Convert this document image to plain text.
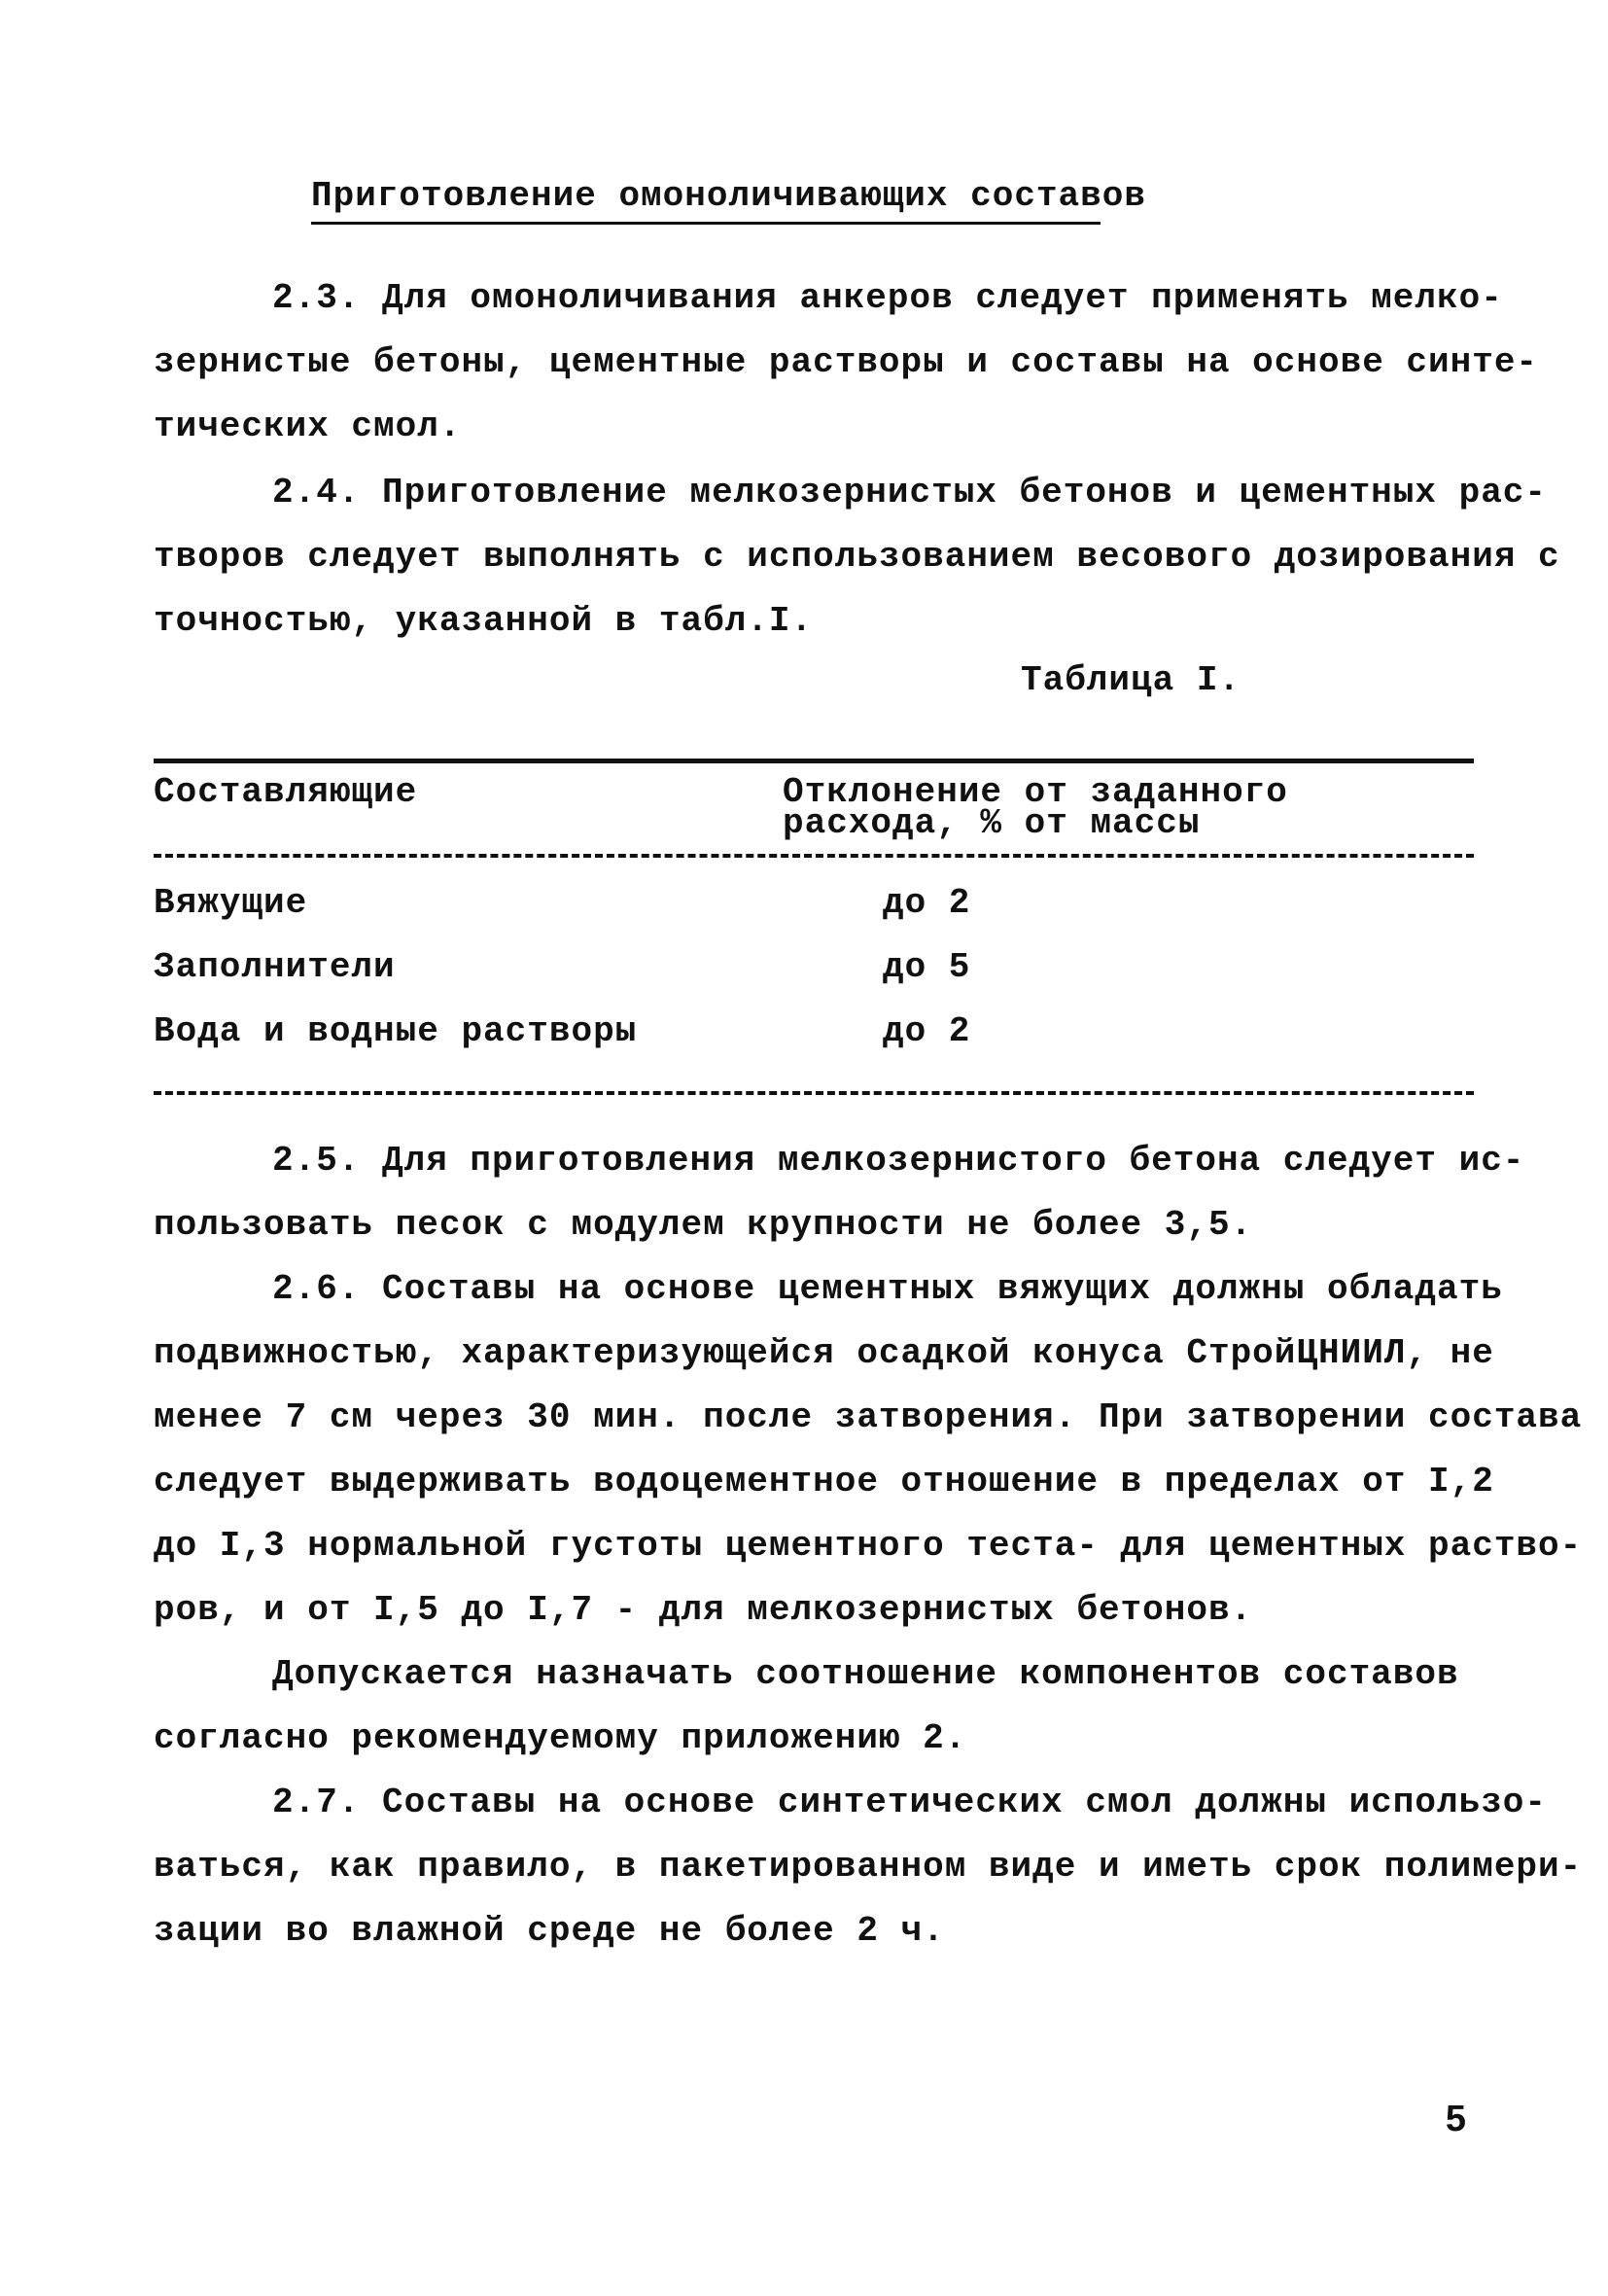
Приготовление омоноличивающих составов
2.3. Для омоноличивания анкеров следует применять мелко-
зернистые бетоны, цементные растворы и составы на основе синте-
тических смол.
2.4. Приготовление мелкозернистых бетонов и цементных рас-
творов следует выполнять с использованием весового дозирования с
точностью, указанной в табл.I.
Таблица I.
Составляющие	Отклонение от заданного
расхода, % от массы
Вяжущие	до 2
Заполнители	до 5
Вода и водные растворы	до 2
2.5. Для приготовления мелкозернистого бетона следует ис-
пользовать песок с модулем крупности не более 3,5.
2.6. Составы на основе цементных вяжущих должны обладать
подвижностью, характеризующейся осадкой конуса СтройЦНИИЛ, не
менее 7 см через 30 мин. после затворения. При затворении состава
следует выдерживать водоцементное отношение в пределах от I,2
до I,3 нормальной густоты цементного теста- для цементных раство-
ров, и от I,5 до I,7 - для мелкозернистых бетонов.
Допускается назначать соотношение компонентов составов
согласно рекомендуемому приложению 2.
2.7. Составы на основе синтетических смол должны использо-
ваться, как правило, в пакетированном виде и иметь срок полимери-
зации во влажной среде не более 2 ч.
5
